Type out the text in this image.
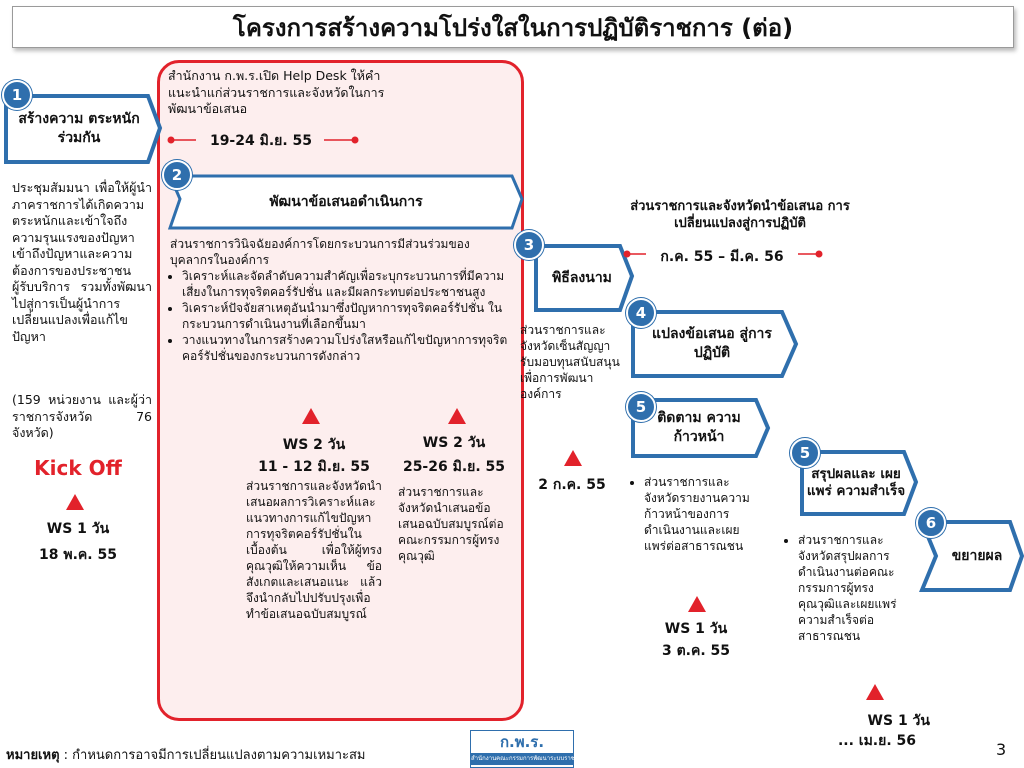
โครงการสร้างความโปร่งใสในการปฏิบัติราชการ (ต่อ)
1
2
3
4
5
5
6
สร้างความ ตระหนักร่วมกัน
พัฒนาข้อเสนอดำเนินการ
พิธีลงนาม
แปลงข้อเสนอ สู่การปฏิบัติ
ติดตาม ความก้าวหน้า
สรุปผลและ เผยแพร่ ความสำเร็จ
ขยายผล
สำนักงาน ก.พ.ร.เปิด Help Desk ให้คำแนะนำแก่ส่วนราชการและจังหวัดในการพัฒนาข้อเสนอ
19-24 มิ.ย. 55
ประชุมสัมมนา เพื่อให้ผู้นำภาคราชการได้เกิดความตระหนักและเข้าใจถึงความรุนแรงของปัญหา เข้าถึงปัญหาและความต้องการของประชาชนผู้รับบริการ รวมทั้งพัฒนาไปสู่การเป็นผู้นำการเปลี่ยนแปลงเพื่อแก้ไขปัญหา
(159 หน่วยงาน และผู้ว่าราชการจังหวัด 76 จังหวัด)
Kick Off
WS 1 วัน
18 พ.ค. 55
ส่วนราชการวินิจฉัยองค์การโดยกระบวนการมีส่วนร่วมของบุคลากรในองค์การ
• วิเคราะห์และจัดลำดับความสำคัญเพื่อระบุกระบวนการที่มีความเสี่ยงในการทุจริตคอร์รัปชั่น และมีผลกระทบต่อประชาชนสูง
• วิเคราะห์ปัจจัยสาเหตุอันนำมาซึ่งปัญหาการทุจริตคอร์รัปชั่น ในกระบวนการดำเนินงานที่เลือกขึ้นมา
• วางแนวทางในการสร้างความโปร่งใสหรือแก้ไขปัญหาการทุจริตคอร์รัปชั่นของกระบวนการดังกล่าว
WS 2 วัน
11 - 12 มิ.ย. 55
ส่วนราชการและจังหวัดนำเสนอผลการวิเคราะห์และแนวทางการแก้ไขปัญหาการทุจริตคอร์รัปชั่นในเบื้องต้น เพื่อให้ผู้ทรงคุณวุฒิให้ความเห็น ข้อสังเกตและเสนอแนะ แล้วจึงนำกลับไปปรับปรุงเพื่อทำข้อเสนอฉบับสมบูรณ์
WS 2 วัน
25-26 มิ.ย. 55
ส่วนราชการและจังหวัดนำเสนอข้อเสนอฉบับสมบูรณ์ต่อคณะกรรมการผู้ทรงคุณวุฒิ
ส่วนราชการและจังหวัดเซ็นสัญญารับมอบทุนสนับสนุนเพื่อการพัฒนาองค์การ
2 ก.ค. 55
ส่วนราชการและจังหวัดนำข้อเสนอ การเปลี่ยนแปลงสู่การปฏิบัติ
ก.ค. 55 – มี.ค. 56
• ส่วนราชการและจังหวัดรายงานความก้าวหน้าของการดำเนินงานและเผยแพร่ต่อสาธารณชน
WS 1 วัน
3 ต.ค. 55
• ส่วนราชการและจังหวัดสรุปผลการดำเนินงานต่อคณะกรรมการผู้ทรงคุณวุฒิและเผยแพร่ความสำเร็จต่อสาธารณชน
WS 1 วัน
... เม.ย. 56
หมายเหตุ : กำหนดการอาจมีการเปลี่ยนแปลงตามความเหมาะสม
ก.พ.ร.
สำนักงานคณะกรรมการพัฒนาระบบราชการ	3
